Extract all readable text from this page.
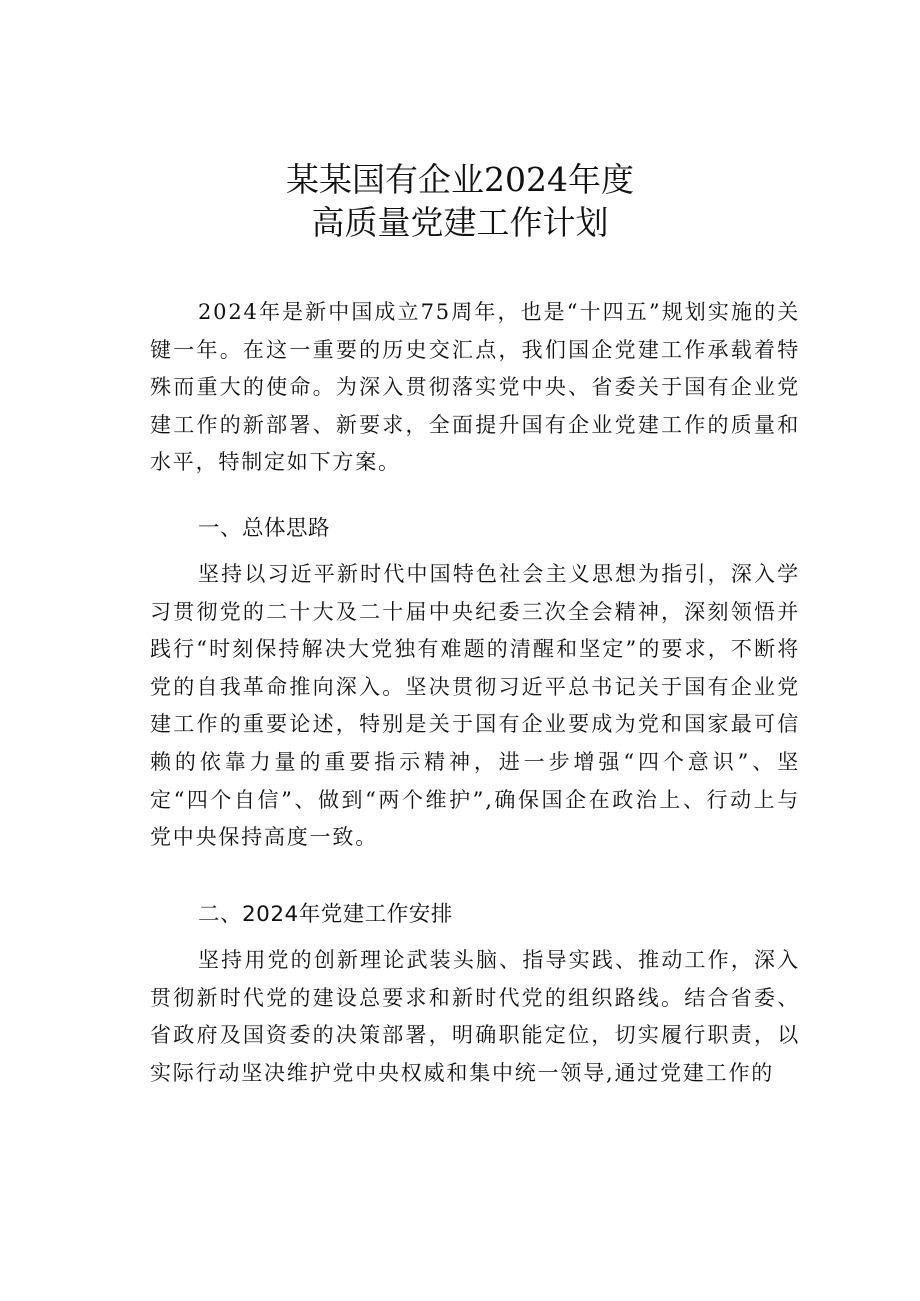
某某国有企业2024年度
高质量党建工作计划

2024年是新中国成立75周年，也是“十四五”规划实施的关键一年。在这一重要的历史交汇点，我们国企党建工作承载着特殊而重大的使命。为深入贯彻落实党中央、省委关于国有企业党建工作的新部署、新要求，全面提升国有企业党建工作的质量和水平，特制定如下方案。

一、总体思路

坚持以习近平新时代中国特色社会主义思想为指引，深入学习贯彻党的二十大及二十届中央纪委三次全会精神，深刻领悟并践行“时刻保持解决大党独有难题的清醒和坚定”的要求，不断将党的自我革命推向深入。坚决贯彻习近平总书记关于国有企业党建工作的重要论述，特别是关于国有企业要成为党和国家最可信赖的依靠力量的重要指示精神，进一步增强“四个意识”、坚定“四个自信”、做到“两个维护”,确保国企在政治上、行动上与党中央保持高度一致。

二、2024年党建工作安排

坚持用党的创新理论武装头脑、指导实践、推动工作，深入贯彻新时代党的建设总要求和新时代党的组织路线。结合省委、省政府及国资委的决策部署，明确职能定位，切实履行职责，以实际行动坚决维护党中央权威和集中统一领导,通过党建工作的
